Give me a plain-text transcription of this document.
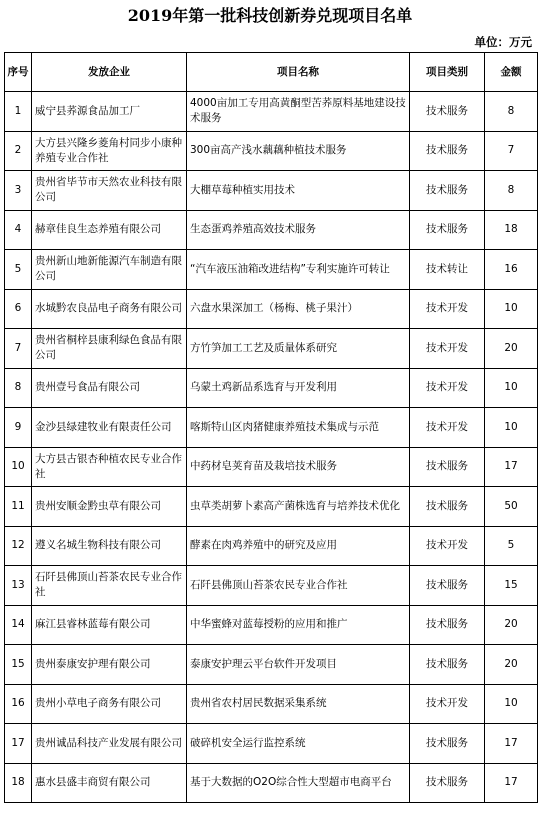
2019年第一批科技创新券兑现项目名单
单位：万元
序号	发放企业	项目名称	项目类别	金额
1	威宁县荞源食品加工厂	4000亩加工专用高黄酮型苦荞原料基地建设技术服务	技术服务	8
2	大方县兴隆乡菱角村同步小康种养殖专业合作社	300亩高产浅水藕藕种植技术服务	技术服务	7
3	贵州省毕节市天然农业科技有限公司	大棚草莓种植实用技术	技术服务	8
4	赫章佳良生态养殖有限公司	生态蛋鸡养殖高效技术服务	技术服务	18
5	贵州新山地新能源汽车制造有限公司	“汽车液压油箱改进结构”专利实施许可转让	技术转让	16
6	水城黔农良品电子商务有限公司	六盘水果深加工（杨梅、桃子果汁）	技术开发	10
7	贵州省桐梓县康利绿色食品有限公司	方竹笋加工工艺及质量体系研究	技术开发	20
8	贵州壹号食品有限公司	乌蒙土鸡新品系选育与开发利用	技术开发	10
9	金沙县绿建牧业有限责任公司	喀斯特山区肉猪健康养殖技术集成与示范	技术开发	10
10	大方县古银杏种植农民专业合作社	中药材皂荚育苗及栽培技术服务	技术服务	17
11	贵州安顺金黔虫草有限公司	虫草类胡萝卜素高产菌株选育与培养技术优化	技术服务	50
12	遵义名城生物科技有限公司	酵素在肉鸡养殖中的研究及应用	技术开发	5
13	石阡县佛顶山苔茶农民专业合作社	石阡县佛顶山苔茶农民专业合作社	技术服务	15
14	麻江县睿林蓝莓有限公司	中华蜜蜂对蓝莓授粉的应用和推广	技术服务	20
15	贵州泰康安护理有限公司	泰康安护理云平台软件开发项目	技术服务	20
16	贵州小草电子商务有限公司	贵州省农村居民数据采集系统	技术开发	10
17	贵州诚品科技产业发展有限公司	破碎机安全运行监控系统	技术服务	17
18	惠水县盛丰商贸有限公司	基于大数据的O2O综合性大型超市电商平台	技术服务	17
